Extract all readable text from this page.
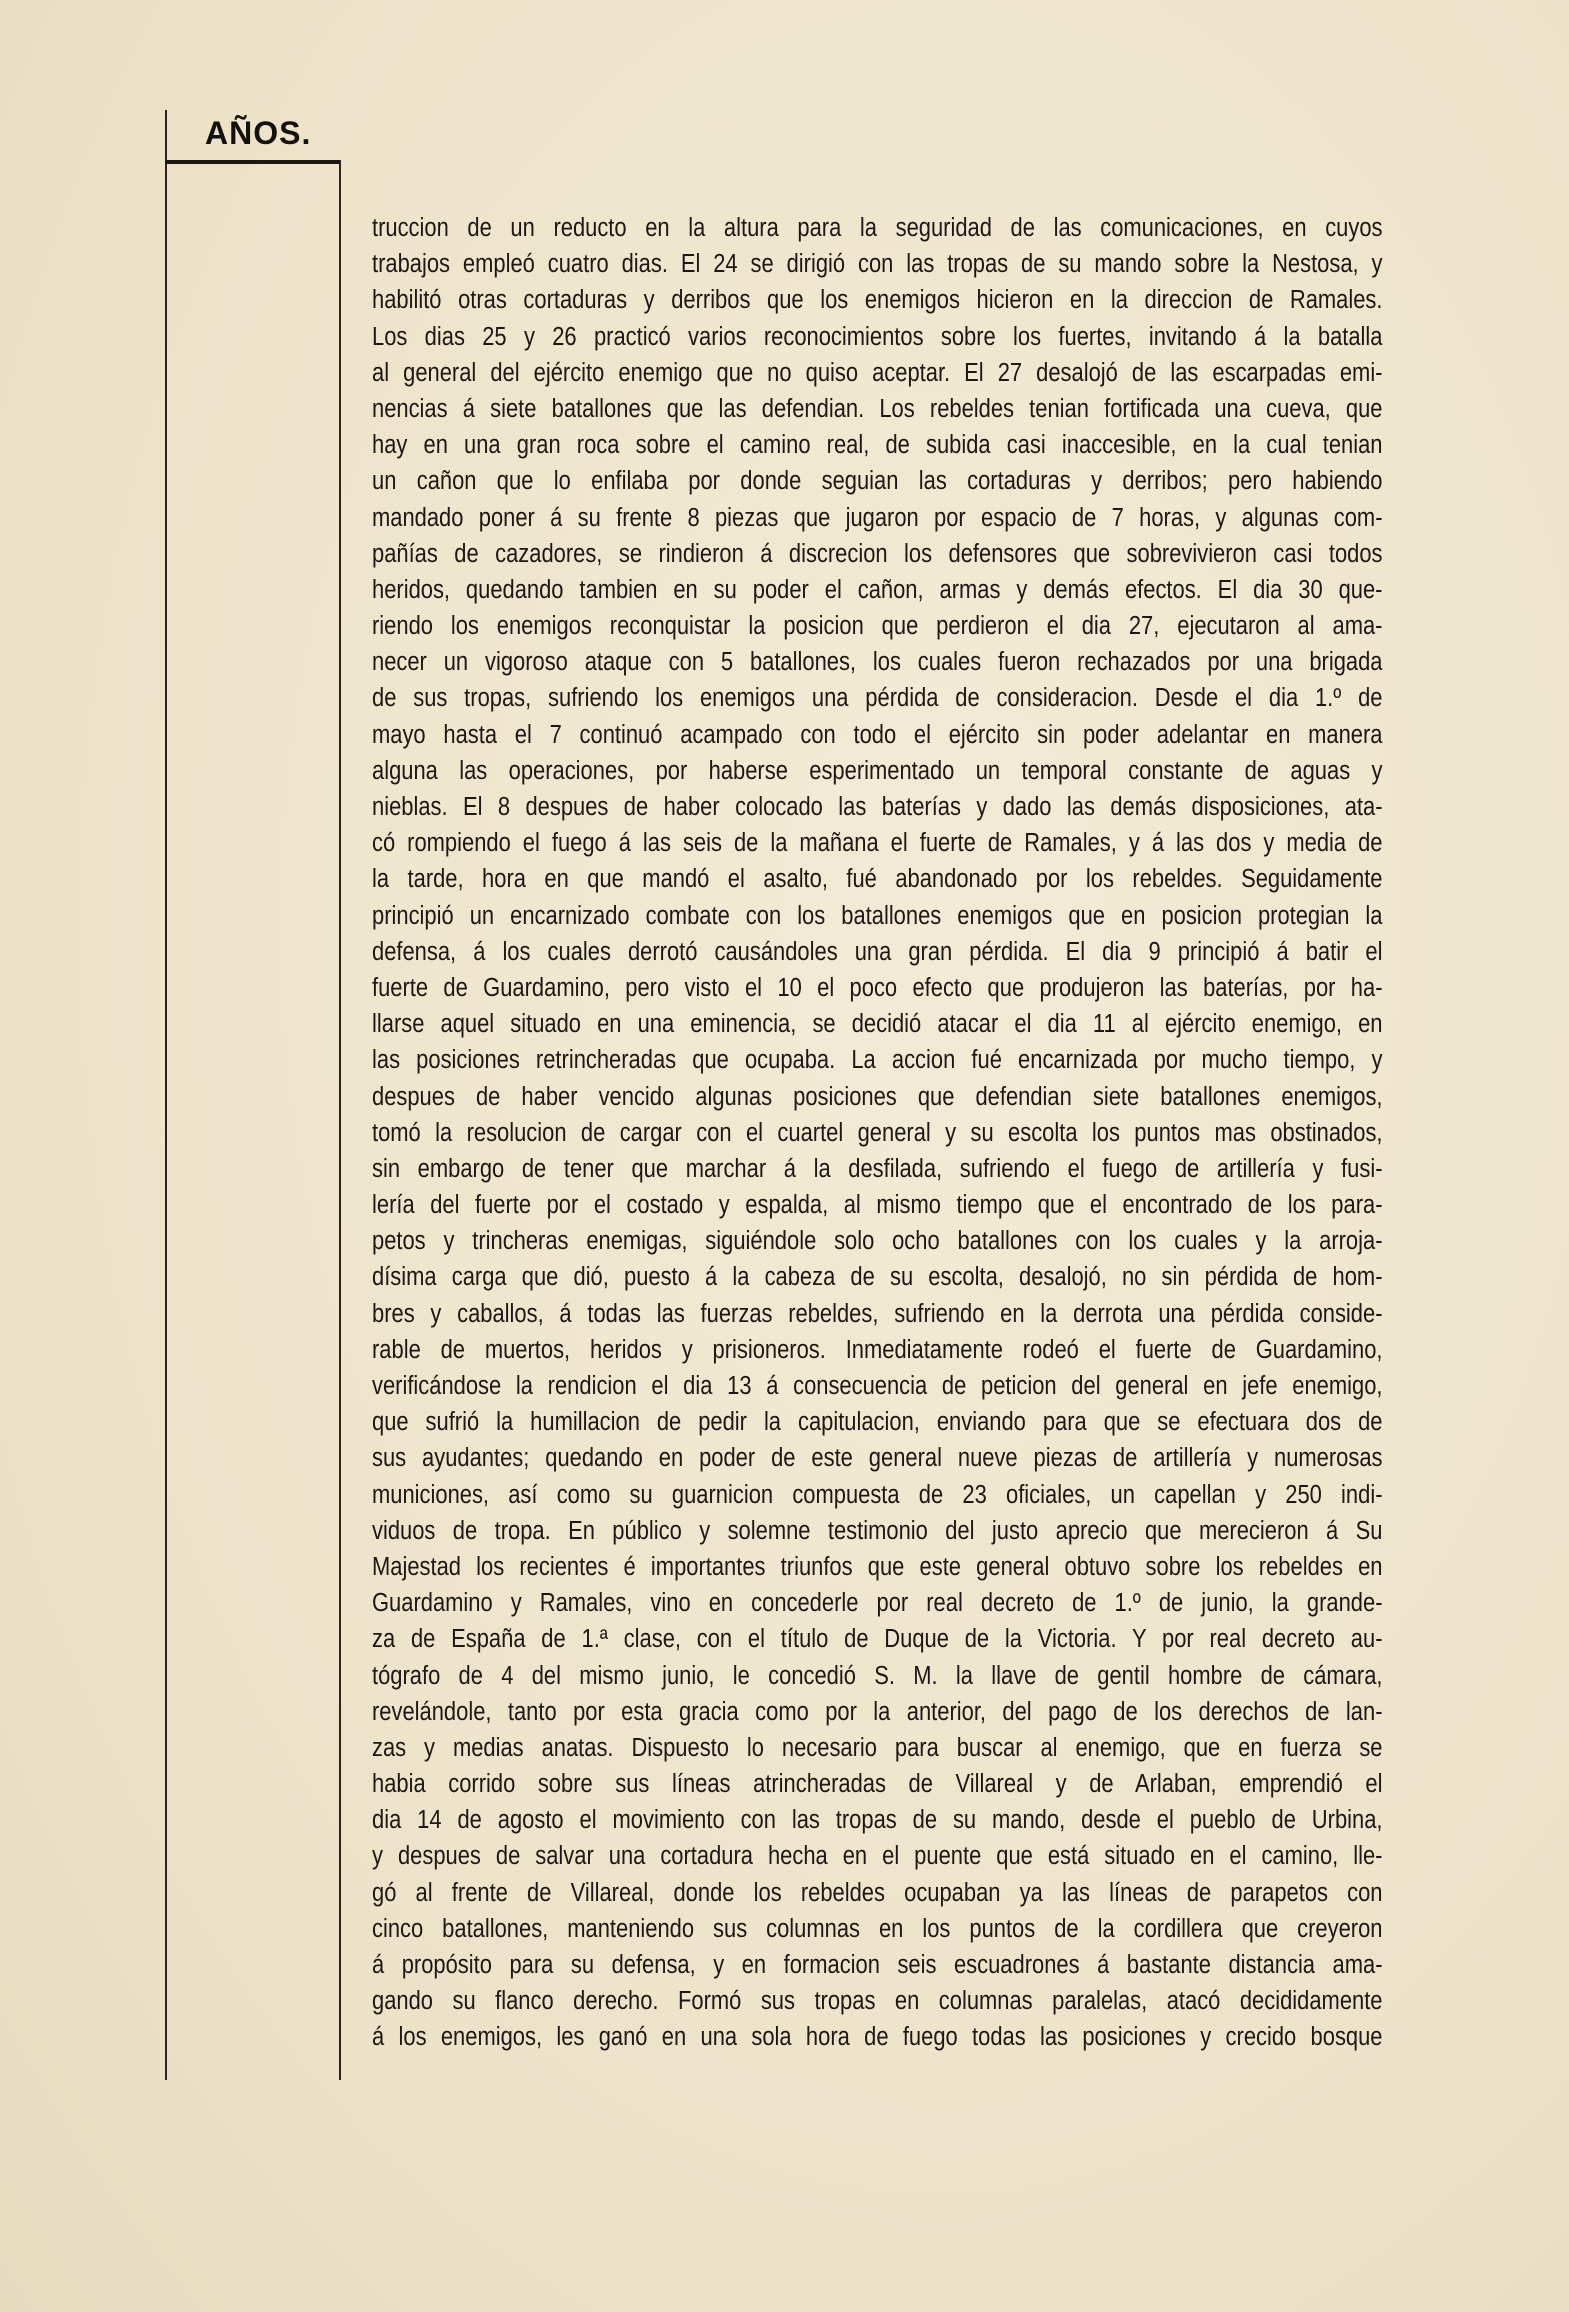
AÑOS.
truccion de un reducto en la altura para la seguridad de las comunicaciones, en cuyos
trabajos empleó cuatro dias. El 24 se dirigió con las tropas de su mando sobre la Nestosa, y
habilitó otras cortaduras y derribos que los enemigos hicieron en la direccion de Ramales.
Los dias 25 y 26 practicó varios reconocimientos sobre los fuertes, invitando á la batalla
al general del ejército enemigo que no quiso aceptar. El 27 desalojó de las escarpadas emi-
nencias á siete batallones que las defendian. Los rebeldes tenian fortificada una cueva, que
hay en una gran roca sobre el camino real, de subida casi inaccesible, en la cual tenian
un cañon que lo enfilaba por donde seguian las cortaduras y derribos; pero habiendo
mandado poner á su frente 8 piezas que jugaron por espacio de 7 horas, y algunas com-
pañías de cazadores, se rindieron á discrecion los defensores que sobrevivieron casi todos
heridos, quedando tambien en su poder el cañon, armas y demás efectos. El dia 30 que-
riendo los enemigos reconquistar la posicion que perdieron el dia 27, ejecutaron al ama-
necer un vigoroso ataque con 5 batallones, los cuales fueron rechazados por una brigada
de sus tropas, sufriendo los enemigos una pérdida de consideracion. Desde el dia 1.º de
mayo hasta el 7 continuó acampado con todo el ejército sin poder adelantar en manera
alguna las operaciones, por haberse esperimentado un temporal constante de aguas y
nieblas. El 8 despues de haber colocado las baterías y dado las demás disposiciones, ata-
có rompiendo el fuego á las seis de la mañana el fuerte de Ramales, y á las dos y media de
la tarde, hora en que mandó el asalto, fué abandonado por los rebeldes. Seguidamente
principió un encarnizado combate con los batallones enemigos que en posicion protegian la
defensa, á los cuales derrotó causándoles una gran pérdida. El dia 9 principió á batir el
fuerte de Guardamino, pero visto el 10 el poco efecto que produjeron las baterías, por ha-
llarse aquel situado en una eminencia, se decidió atacar el dia 11 al ejército enemigo, en
las posiciones retrincheradas que ocupaba. La accion fué encarnizada por mucho tiempo, y
despues de haber vencido algunas posiciones que defendian siete batallones enemigos,
tomó la resolucion de cargar con el cuartel general y su escolta los puntos mas obstinados,
sin embargo de tener que marchar á la desfilada, sufriendo el fuego de artillería y fusi-
lería del fuerte por el costado y espalda, al mismo tiempo que el encontrado de los para-
petos y trincheras enemigas, siguiéndole solo ocho batallones con los cuales y la arroja-
dísima carga que dió, puesto á la cabeza de su escolta, desalojó, no sin pérdida de hom-
bres y caballos, á todas las fuerzas rebeldes, sufriendo en la derrota una pérdida conside-
rable de muertos, heridos y prisioneros. Inmediatamente rodeó el fuerte de Guardamino,
verificándose la rendicion el dia 13 á consecuencia de peticion del general en jefe enemigo,
que sufrió la humillacion de pedir la capitulacion, enviando para que se efectuara dos de
sus ayudantes; quedando en poder de este general nueve piezas de artillería y numerosas
municiones, así como su guarnicion compuesta de 23 oficiales, un capellan y 250 indi-
viduos de tropa. En público y solemne testimonio del justo aprecio que merecieron á Su
Majestad los recientes é importantes triunfos que este general obtuvo sobre los rebeldes en
Guardamino y Ramales, vino en concederle por real decreto de 1.º de junio, la grande-
za de España de 1.ª clase, con el título de Duque de la Victoria. Y por real decreto au-
tógrafo de 4 del mismo junio, le concedió S. M. la llave de gentil hombre de cámara,
revelándole, tanto por esta gracia como por la anterior, del pago de los derechos de lan-
zas y medias anatas. Dispuesto lo necesario para buscar al enemigo, que en fuerza se
habia corrido sobre sus líneas atrincheradas de Villareal y de Arlaban, emprendió el
dia 14 de agosto el movimiento con las tropas de su mando, desde el pueblo de Urbina,
y despues de salvar una cortadura hecha en el puente que está situado en el camino, lle-
gó al frente de Villareal, donde los rebeldes ocupaban ya las líneas de parapetos con
cinco batallones, manteniendo sus columnas en los puntos de la cordillera que creyeron
á propósito para su defensa, y en formacion seis escuadrones á bastante distancia ama-
gando su flanco derecho. Formó sus tropas en columnas paralelas, atacó decididamente
á los enemigos, les ganó en una sola hora de fuego todas las posiciones y crecido bosque
